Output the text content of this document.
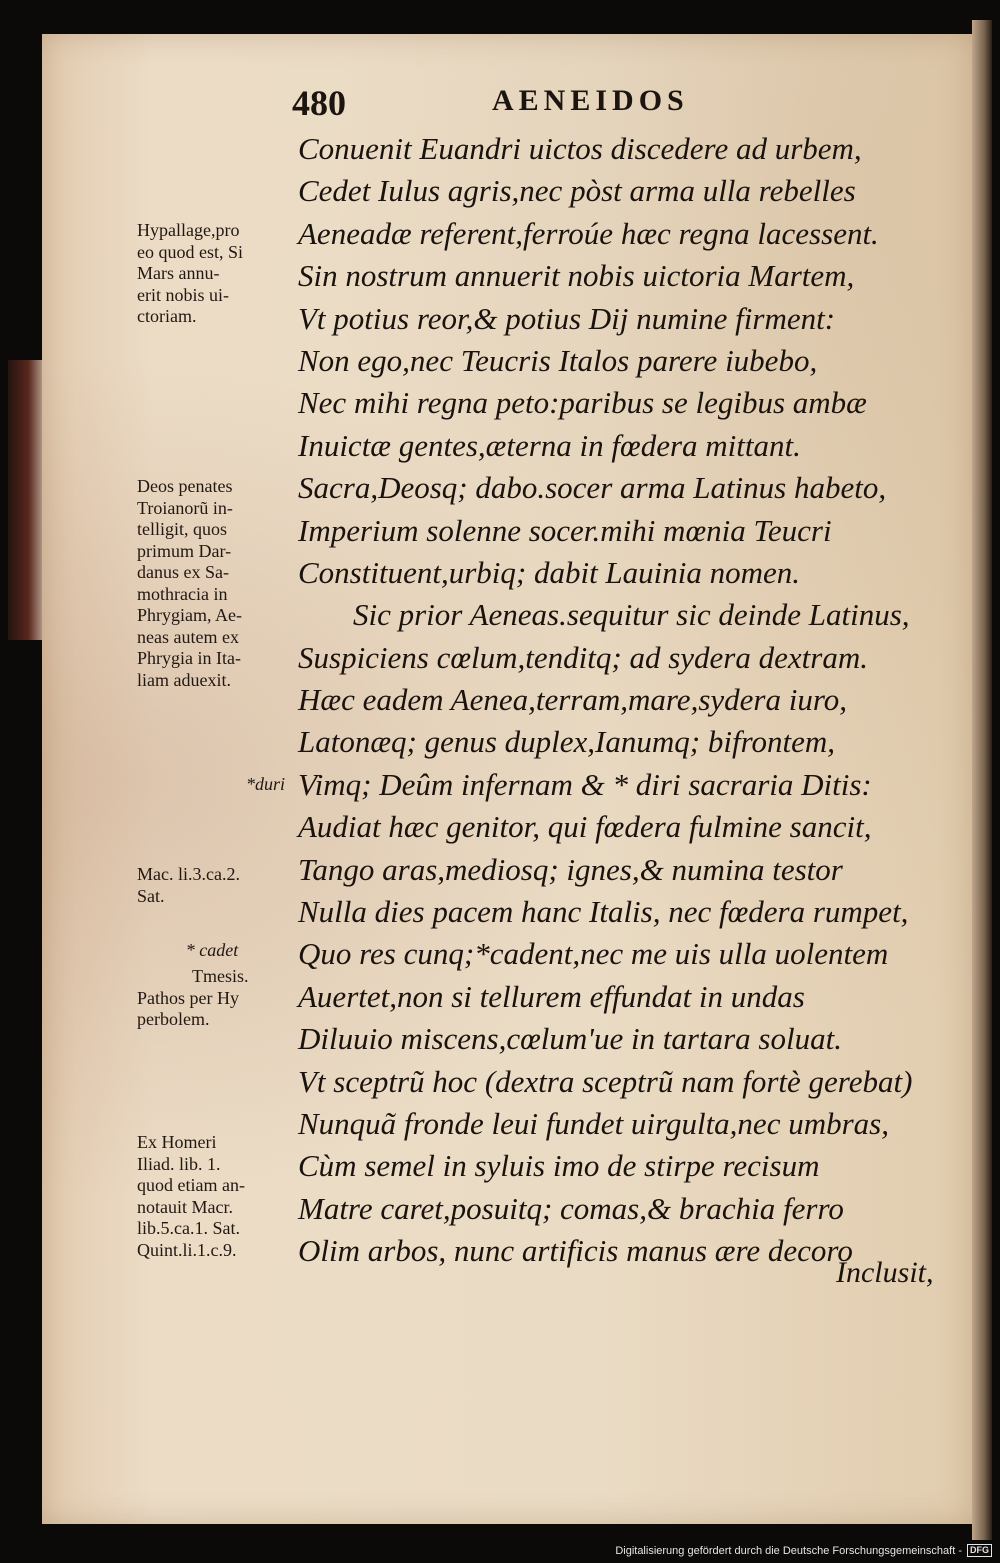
480	AENEIDOS
Conuenit Euandri uictos discedere ad urbem,
Cedet Iulus agris,nec pòst arma ulla rebelles
Aeneadæ referent,ferroúe hæc regna lacessent.
Sin nostrum annuerit nobis uictoria Martem,
Vt potius reor,& potius Dij numine firment:
Non ego,nec Teucris Italos parere iubebo,
Nec mihi regna peto:paribus se legibus ambæ
Inuictæ gentes,æterna in fœdera mittant.
Sacra,Deosq; dabo.socer arma Latinus habeto,
Imperium solenne socer.mihi mœnia Teucri
Constituent,urbiq; dabit Lauinia nomen.
Sic prior Aeneas.sequitur sic deinde Latinus,
Suspiciens cœlum,tenditq; ad sydera dextram.
Hæc eadem Aenea,terram,mare,sydera iuro,
Latonæq; genus duplex,Ianumq; bifrontem,
Vimq; Deûm infernam & * diri sacraria Ditis:
Audiat hæc genitor, qui fœdera fulmine sancit,
Tango aras,mediosq; ignes,& numina testor
Nulla dies pacem hanc Italis, nec fœdera rumpet,
Quo res cunq;*cadent,nec me uis ulla uolentem
Auertet,non si tellurem effundat in undas
Diluuio miscens,cœlum'ue in tartara soluat.
Vt sceptrũ hoc (dextra sceptrũ nam fortè gerebat)
Nunquã fronde leui fundet uirgulta,nec umbras,
Cùm semel in syluis imo de stirpe recisum
Matre caret,posuitq; comas,& brachia ferro
Olim arbos, nunc artificis manus ære decoro
Hypallage,pro
eo quod est, Si
Mars annu-
erit nobis ui-
ctoriam.
Deos penates
Troianorũ in-
telligit, quos
primum Dar-
danus ex Sa-
mothracia in
Phrygiam, Ae-
neas autem ex
Phrygia in Ita-
liam aduexit.
*duri
Mac. li.3.ca.2.
Sat.
* cadet
Tmesis.
Pathos per Hy
perbolem.
Ex Homeri
Iliad. lib. 1.
quod etiam an-
notauit Macr.
lib.5.ca.1. Sat.
Quint.li.1.c.9.
Inclusit,
Digitalisierung gefördert durch die Deutsche Forschungsgemeinschaft - DFG
